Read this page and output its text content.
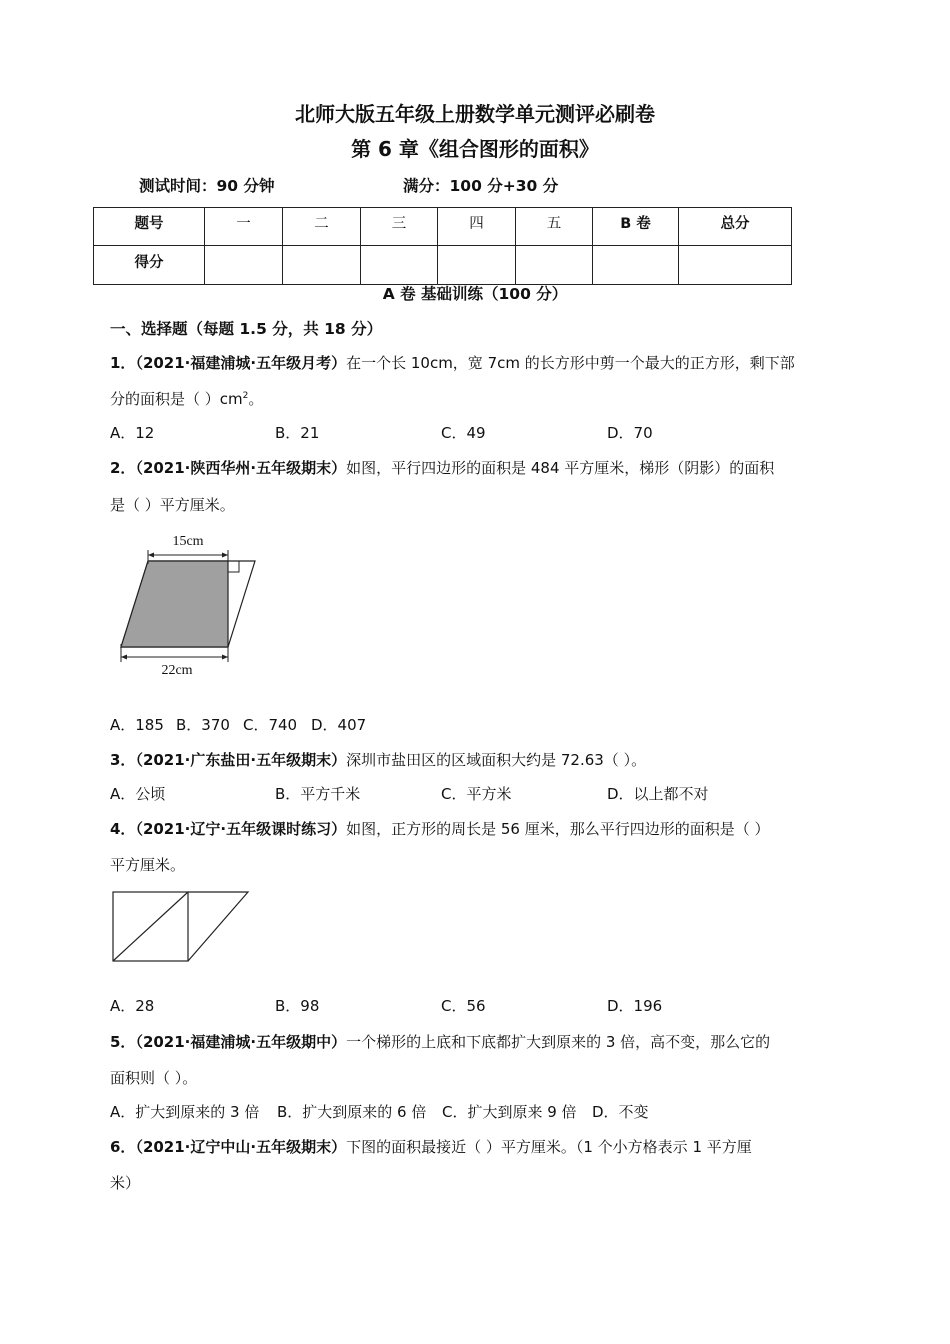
北师大版五年级上册数学单元测评必刷卷
第 6 章《组合图形的面积》
测试时间：90 分钟	满分：100 分+30 分
题号	一	二	三	四	五	B 卷	总分
得分							
A 卷 基础训练（100 分）
一、选择题（每题 1.5 分，共 18 分）
1．（2021·福建浦城·五年级月考）在一个长 10cm，宽 7cm 的长方形中剪一个最大的正方形，剩下部
分的面积是（ ）$cm^2$。
A．12	B．21	C．49	D．70
2．（2021·陕西华州·五年级期末）如图，平行四边形的面积是 484 平方厘米，梯形（阴影）的面积
是（ ）平方厘米。
15cm
22cm
A．185 B．370 C．740 D．407
3．（2021·广东盐田·五年级期末）深圳市盐田区的区域面积大约是 72.63（ ）。
A．公顷	B．平方千米	C．平方米	D．以上都不对
4．（2021·辽宁·五年级课时练习）如图，正方形的周长是 56 厘米，那么平行四边形的面积是（ ）
平方厘米。
A．28	B．98	C．56	D．196
5．（2021·福建浦城·五年级期中）一个梯形的上底和下底都扩大到原来的 3 倍，高不变，那么它的
面积则（ ）。
A．扩大到原来的 3 倍 B．扩大到原来的 6 倍 C．扩大到原来 9 倍 D．不变
6．（2021·辽宁中山·五年级期末）下图的面积最接近（ ）平方厘米。（1 个小方格表示 1 平方厘
米）
